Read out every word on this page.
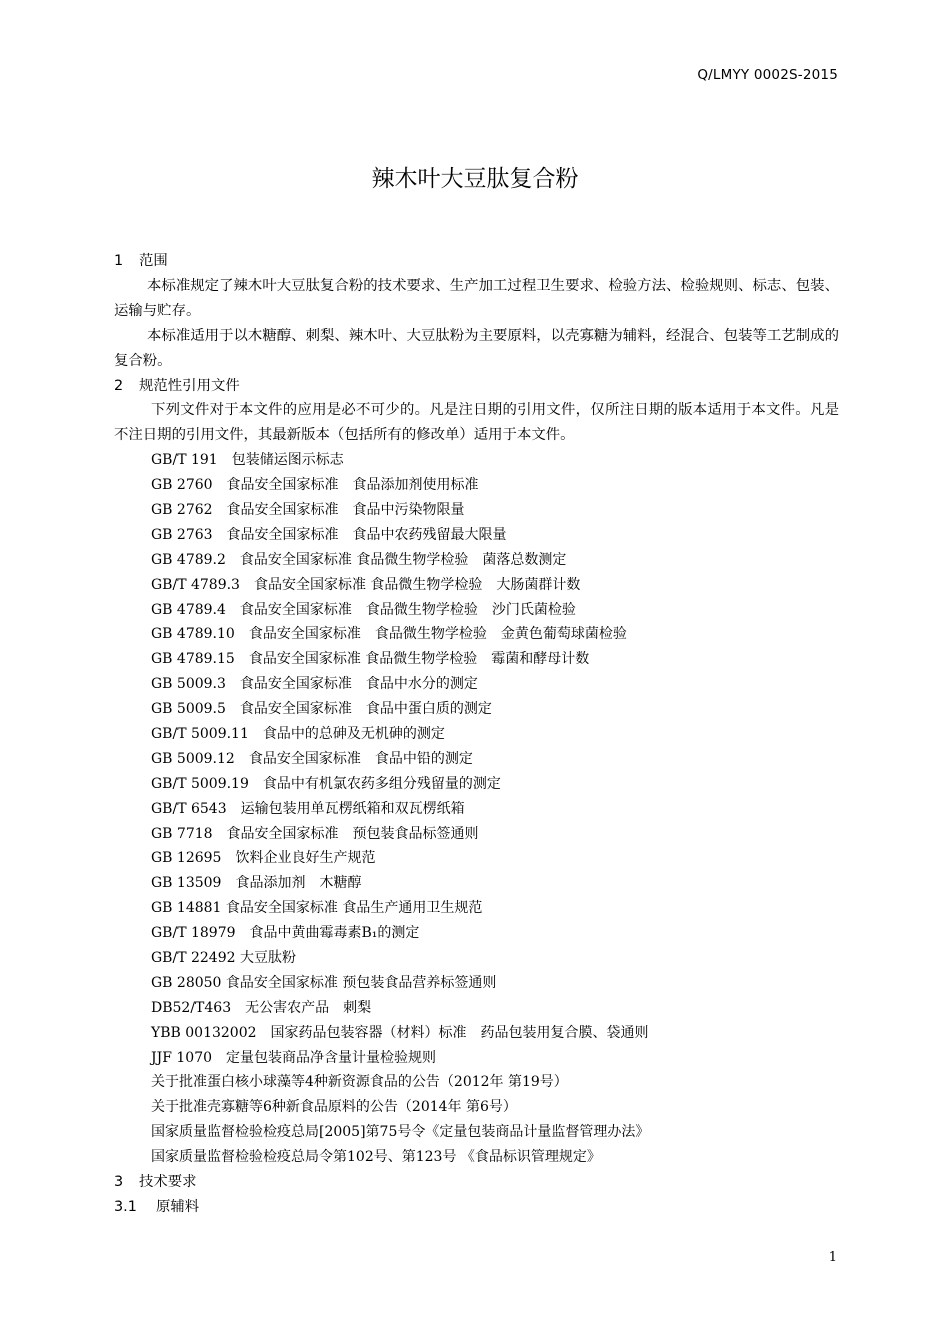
Q/LMYY 0002S-2015
辣木叶大豆肽复合粉
1 范围
本标准规定了辣木叶大豆肽复合粉的技术要求、生产加工过程卫生要求、检验方法、检验规则、标志、包装、运输与贮存。
本标准适用于以木糖醇、刺梨、辣木叶、大豆肽粉为主要原料，以壳寡糖为辅料，经混合、包装等工艺制成的复合粉。
2 规范性引用文件
下列文件对于本文件的应用是必不可少的。凡是注日期的引用文件，仅所注日期的版本适用于本文件。凡是不注日期的引用文件，其最新版本（包括所有的修改单）适用于本文件。
GB/T 191　包装储运图示标志
GB 2760　食品安全国家标准　食品添加剂使用标准
GB 2762　食品安全国家标准　食品中污染物限量
GB 2763　食品安全国家标准　食品中农药残留最大限量
GB 4789.2　食品安全国家标准 食品微生物学检验　菌落总数测定
GB/T 4789.3　食品安全国家标准 食品微生物学检验　大肠菌群计数
GB 4789.4　食品安全国家标准　食品微生物学检验　沙门氏菌检验
GB 4789.10　食品安全国家标准　食品微生物学检验　金黄色葡萄球菌检验
GB 4789.15　食品安全国家标准 食品微生物学检验　霉菌和酵母计数
GB 5009.3　食品安全国家标准　食品中水分的测定
GB 5009.5　食品安全国家标准　食品中蛋白质的测定
GB/T 5009.11　食品中的总砷及无机砷的测定
GB 5009.12　食品安全国家标准　食品中铅的测定
GB/T 5009.19　食品中有机氯农药多组分残留量的测定
GB/T 6543　运输包装用单瓦楞纸箱和双瓦楞纸箱
GB 7718　食品安全国家标准　预包装食品标签通则
GB 12695　饮料企业良好生产规范
GB 13509　食品添加剂　木糖醇
GB 14881 食品安全国家标准 食品生产通用卫生规范
GB/T 18979　食品中黄曲霉毒素B₁的测定
GB/T 22492 大豆肽粉
GB 28050 食品安全国家标准 预包装食品营养标签通则
DB52/T463　无公害农产品　刺梨
YBB 00132002　国家药品包装容器（材料）标准　药品包装用复合膜、袋通则
JJF 1070　定量包装商品净含量计量检验规则
关于批准蛋白核小球藻等4种新资源食品的公告（2012年 第19号）
关于批准壳寡糖等6种新食品原料的公告（2014年 第6号）
国家质量监督检验检疫总局[2005]第75号令《定量包装商品计量监督管理办法》
国家质量监督检验检疫总局令第102号、第123号 《食品标识管理规定》
3 技术要求
3.1 原辅料
1
